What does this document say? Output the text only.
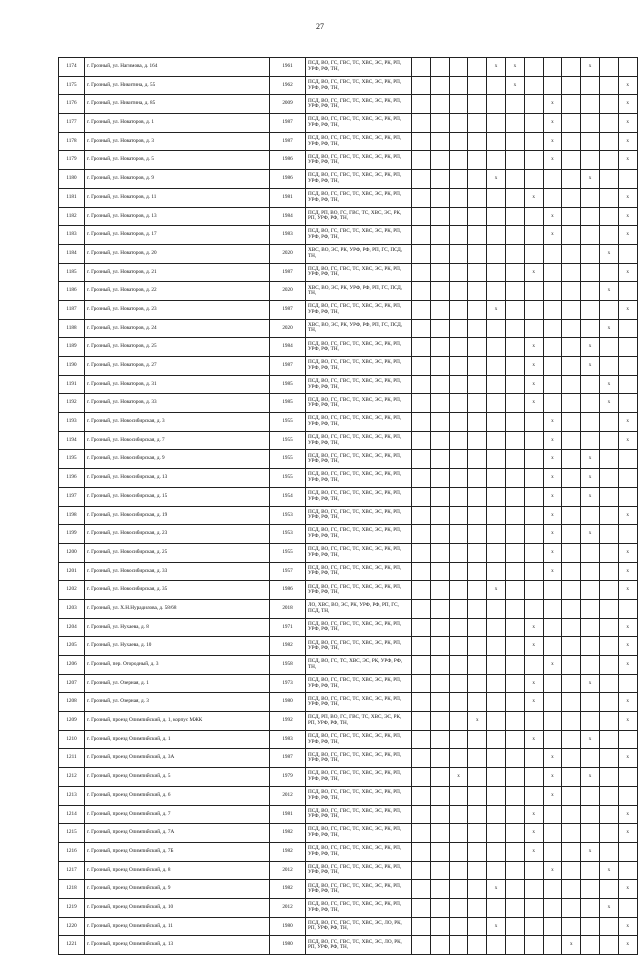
27
1174	г. Грозный, ул. Нагимова, д. 164	1961	ПСД, ВО, ГС, ГВС, ТС, ХВС, ЭС, РК, РП, УРФ, РФ, ТН,					x	x				x		
1175	г. Грозный, ул. Никитина, д. 55	1962	ПСД, ВО, ГС, ГВС, ТС, ХВС, ЭС, РК, РП, УРФ, РФ, ТН,						x						x
1176	г. Грозный, ул. Никитина, д. 85	2009	ПСД, ВО, ГС, ГВС, ТС, ХВС, ЭС, РК, РП, УРФ, РФ, ТН,								x				x
1177	г. Грозный, ул. Новаторов, д. 1	1987	ПСД, ВО, ГС, ГВС, ТС, ХВС, ЭС, РК, РП, УРФ, РФ, ТН,								x				x
1178	г. Грозный, ул. Новаторов, д. 3	1987	ПСД, ВО, ГС, ГВС, ТС, ХВС, ЭС, РК, РП, УРФ, РФ, ТН,								x				x
1179	г. Грозный, ул. Новаторов, д. 5	1986	ПСД, ВО, ГС, ГВС, ТС, ХВС, ЭС, РК, РП, УРФ, РФ, ТН,								x				x
1180	г. Грозный, ул. Новаторов, д. 9	1986	ПСД, ВО, ГС, ГВС, ТС, ХВС, ЭС, РК, РП, УРФ, РФ, ТН,					x					x		
1181	г. Грозный, ул. Новаторов, д. 11	1981	ПСД, ВО, ГС, ГВС, ТС, ХВС, ЭС, РК, РП, УРФ, РФ, ТН,							x					x
1182	г. Грозный, ул. Новаторов, д. 13	1984	ПСД, РП, ВО, ГС, ГВС, ТС, ХВС, ЭС, РК, РП, УРФ, РФ, ТН,								x				x
1183	г. Грозный, ул. Новаторов, д. 17	1983	ПСД, ВО, ГС, ГВС, ТС, ХВС, ЭС, РК, РП, УРФ, РФ, ТН,								x				x
1184	г. Грозный, ул. Новаторов, д. 20	2020	ХВС, ВО, ЭС, РК, УРФ, РФ, РП, ГС, ПСД, ТН,											x	
1185	г. Грозный, ул. Новаторов, д. 21	1987	ПСД, ВО, ГС, ГВС, ТС, ХВС, ЭС, РК, РП, УРФ, РФ, ТН,							x					x
1186	г. Грозный, ул. Новаторов, д. 22	2020	ХВС, ВО, ЭС, РК, УРФ, РФ, РП, ГС, ПСД, ТН,											x	
1187	г. Грозный, ул. Новаторов, д. 23	1987	ПСД, ВО, ГС, ГВС, ТС, ХВС, ЭС, РК, РП, УРФ, РФ, ТН,					x							x
1188	г. Грозный, ул. Новаторов, д. 24	2020	ХВС, ВО, ЭС, РК, УРФ, РФ, РП, ГС, ПСД, ТН,											x	
1189	г. Грозный, ул. Новаторов, д. 25	1984	ПСД, ВО, ГС, ГВС, ТС, ХВС, ЭС, РК, РП, УРФ, РФ, ТН,							x			x		
1190	г. Грозный, ул. Новаторов, д. 27	1987	ПСД, ВО, ГС, ГВС, ТС, ХВС, ЭС, РК, РП, УРФ, РФ, ТН,							x			x		
1191	г. Грозный, ул. Новаторов, д. 31	1985	ПСД, ВО, ГС, ГВС, ТС, ХВС, ЭС, РК, РП, УРФ, РФ, ТН,							x				x	
1192	г. Грозный, ул. Новаторов, д. 33	1985	ПСД, ВО, ГС, ГВС, ТС, ХВС, ЭС, РК, РП, УРФ, РФ, ТН,							x				x	
1193	г. Грозный, ул. Новосибирская, д. 3	1955	ПСД, ВО, ГС, ГВС, ТС, ХВС, ЭС, РК, РП, УРФ, РФ, ТН,								x				x
1194	г. Грозный, ул. Новосибирская, д. 7	1955	ПСД, ВО, ГС, ГВС, ТС, ХВС, ЭС, РК, РП, УРФ, РФ, ТН,								x				x
1195	г. Грозный, ул. Новосибирская, д. 9	1955	ПСД, ВО, ГС, ГВС, ТС, ХВС, ЭС, РК, РП, УРФ, РФ, ТН,								x		x		
1196	г. Грозный, ул. Новосибирская, д. 13	1955	ПСД, ВО, ГС, ГВС, ТС, ХВС, ЭС, РК, РП, УРФ, РФ, ТН,								x		x		
1197	г. Грозный, ул. Новосибирская, д. 15	1954	ПСД, ВО, ГС, ГВС, ТС, ХВС, ЭС, РК, РП, УРФ, РФ, ТН,								x		x		
1198	г. Грозный, ул. Новосибирская, д. 19	1953	ПСД, ВО, ГС, ГВС, ТС, ХВС, ЭС, РК, РП, УРФ, РФ, ТН,								x				x
1199	г. Грозный, ул. Новосибирская, д. 23	1953	ПСД, ВО, ГС, ГВС, ТС, ХВС, ЭС, РК, РП, УРФ, РФ, ТН,								x		x		
1200	г. Грозный, ул. Новосибирская, д. 25	1955	ПСД, ВО, ГС, ГВС, ТС, ХВС, ЭС, РК, РП, УРФ, РФ, ТН,								x				x
1201	г. Грозный, ул. Новосибирская, д. 33	1957	ПСД, ВО, ГС, ГВС, ТС, ХВС, ЭС, РК, РП, УРФ, РФ, ТН,								x				x
1202	г. Грозный, ул. Новосибирская, д. 35	1986	ПСД, ВО, ГС, ГВС, ТС, ХВС, ЭС, РК, РП, УРФ, РФ, ТН,					x							x
1203	г. Грозный, ул. Х.Н.Нурадилова, д. 58/68	2018	ЛО, ХВС, ВО, ЭС, РК, УРФ, РФ, РП, ГС, ПСД, ТН,												
1204	г. Грозный, ул. Нухаева, д. 8	1971	ПСД, ВО, ГС, ГВС, ТС, ХВС, ЭС, РК, РП, УРФ, РФ, ТН,							x					x
1205	г. Грозный, ул. Нухаева, д. 10	1982	ПСД, ВО, ГС, ГВС, ТС, ХВС, ЭС, РК, РП, УРФ, РФ, ТН,							x					x
1206	г. Грозный, пер. Огородный, д. 3	1958	ПСД, ВО, ГС, ТС, ХВС, ЭС, РК, УРФ, РФ, ТН,								x				x
1207	г. Грозный, ул. Озерная, д. 1	1973	ПСД, ВО, ГС, ГВС, ТС, ХВС, ЭС, РК, РП, УРФ, РФ, ТН,							x			x		
1208	г. Грозный, ул. Озерная, д. 3	1980	ПСД, ВО, ГС, ГВС, ТС, ХВС, ЭС, РК, РП, УРФ, РФ, ТН,							x					x
1209	г. Грозный, проезд Олимпийский, д. 1, корпус МЖК	1992	ПСД, РП, ВО, ГС, ГВС, ТС, ХВС, ЭС, РК, РП, УРФ, РФ, ТН,				x								x
1210	г. Грозный, проезд Олимпийский, д. 1	1983	ПСД, ВО, ГС, ГВС, ТС, ХВС, ЭС, РК, РП, УРФ, РФ, ТН,							x			x		
1211	г. Грозный, проезд Олимпийский, д. 3А	1987	ПСД, ВО, ГС, ГВС, ТС, ХВС, ЭС, РК, РП, УРФ, РФ, ТН,								x				x
1212	г. Грозный, проезд Олимпийский, д. 5	1979	ПСД, ВО, ГС, ГВС, ТС, ХВС, ЭС, РК, РП, УРФ, РФ, ТН,			x					x		x		
1213	г. Грозный, проезд Олимпийский, д. 6	2012	ПСД, ВО, ГС, ГВС, ТС, ХВС, ЭС, РК, РП, УРФ, РФ, ТН,								x				
1214	г. Грозный, проезд Олимпийский, д. 7	1981	ПСД, ВО, ГС, ГВС, ТС, ХВС, ЭС, РК, РП, УРФ, РФ, ТН,							x					x
1215	г. Грозный, проезд Олимпийский, д. 7А	1982	ПСД, ВО, ГС, ГВС, ТС, ХВС, ЭС, РК, РП, УРФ, РФ, ТН,							x					x
1216	г. Грозный, проезд Олимпийский, д. 7Б	1982	ПСД, ВО, ГС, ГВС, ТС, ХВС, ЭС, РК, РП, УРФ, РФ, ТН,							x			x		
1217	г. Грозный, проезд Олимпийский, д. 8	2012	ПСД, ВО, ГС, ГВС, ТС, ХВС, ЭС, РК, РП, УРФ, РФ, ТН,								x			x	
1218	г. Грозный, проезд Олимпийский, д. 9	1982	ПСД, ВО, ГС, ГВС, ТС, ХВС, ЭС, РК, РП, УРФ, РФ, ТН,					x							x
1219	г. Грозный, проезд Олимпийский, д. 10	2012	ПСД, ВО, ГС, ГВС, ТС, ХВС, ЭС, РК, РП, УРФ, РФ, ТН,											x	
1220	г. Грозный, проезд Олимпийский, д. 11	1980	ПСД, ВО, ГС, ГВС, ТС, ХВС, ЭС, ЛО, РК, РП, УРФ, РФ, ТН,					x							x
1221	г. Грозный, проезд Олимпийский, д. 13	1980	ПСД, ВО, ГС, ГВС, ТС, ХВС, ЭС, ЛО, РК, РП, УРФ, РФ, ТН,									x			x
